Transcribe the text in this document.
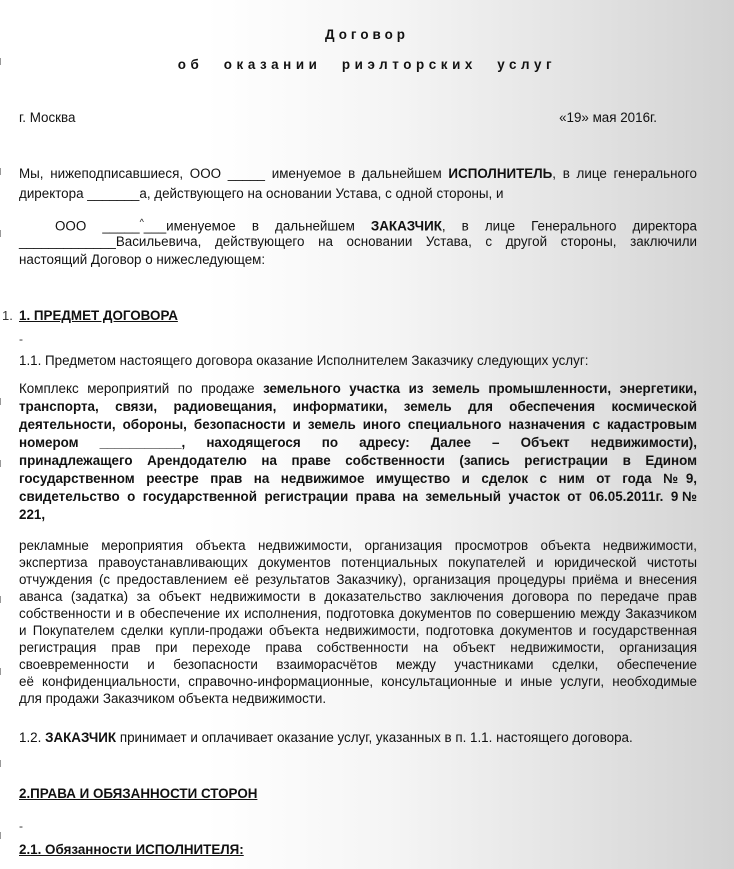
Договор
об оказании риэлторских услуг
г. Москва	«19» мая 2016г.
Мы, нижеподписавшиеся, ООО _____ именуемое в дальнейшем ИСПОЛНИТЕЛЬ, в лице генерального
директора _______а, действующего на основании Устава, с одной стороны, и
ООО _____^___именуемое в дальнейшем ЗАКАЗЧИК, в лице Генерального директора
_____________Васильевича, действующего на основании Устава, с другой стороны, заключили
настоящий Договор о нижеследующем:
1. 1. ПРЕДМЕТ ДОГОВОРА
-
1.1. Предметом настоящего договора оказание Исполнителем Заказчику следующих услуг:
Комплекс мероприятий по продаже земельного участка из земель промышленности, энергетики,
транспорта, связи, радиовещания, информатики, земель для обеспечения космической
деятельности, обороны, безопасности и земель иного специального назначения с кадастровым
номером ___________, находящегося по адресу: Далее – Объект недвижимости),
принадлежащего Арендодателю на праве собственности (запись регистрации в Едином
государственном реестре прав на недвижимое имущество и сделок с ним от года №9,
свидетельство о государственной регистрации права на земельный участок от 06.05.2011г. 9№
221,
рекламные мероприятия объекта недвижимости, организация просмотров объекта недвижимости,
экспертиза правоустанавливающих документов потенциальных покупателей и юридической чистоты
отчуждения (с предоставлением её результатов Заказчику), организация процедуры приёма и внесения
аванса (задатка) за объект недвижимости в доказательство заключения договора по передаче прав
собственности и в обеспечение их исполнения, подготовка документов по совершению между Заказчиком
и Покупателем сделки купли-продажи объекта недвижимости, подготовка документов и государственная
регистрация прав при переходе права собственности на объект недвижимости, организация
своевременности и безопасности взаиморасчётов между участниками сделки, обеспечение
её конфиденциальности, справочно-информационные, консультационные и иные услуги, необходимые
для продажи Заказчиком объекта недвижимости.
1.2. ЗАКАЗЧИК принимает и оплачивает оказание услуг, указанных в п. 1.1. настоящего договора.
2.ПРАВА И ОБЯЗАННОСТИ СТОРОН
-
2.1. Обязанности ИСПОЛНИТЕЛЯ:
